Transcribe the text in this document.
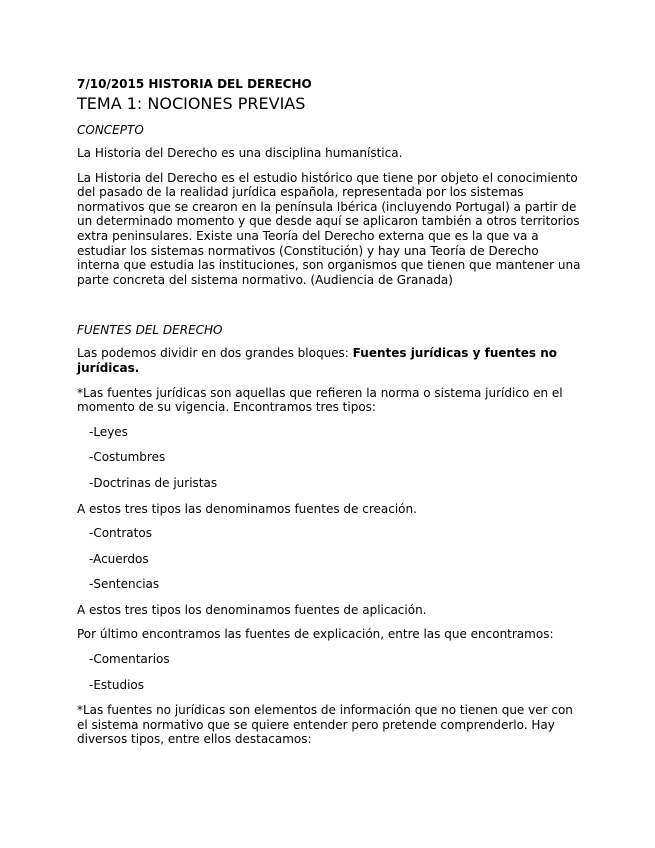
7/10/2015 HISTORIA DEL DERECHO
TEMA 1: NOCIONES PREVIAS
CONCEPTO

La Historia del Derecho es una disciplina humanística.

La Historia del Derecho es el estudio histórico que tiene por objeto el conocimiento del pasado de la realidad jurídica española, representada por los sistemas normativos que se crearon en la península Ibérica (incluyendo Portugal) a partir de un determinado momento y que desde aquí se aplicaron también a otros territorios extra peninsulares. Existe una Teoría del Derecho externa que es la que va a estudiar los sistemas normativos (Constitución) y hay una Teoría de Derecho interna que estudia las instituciones, son organismos que tienen que mantener una parte concreta del sistema normativo. (Audiencia de Granada)

FUENTES DEL DERECHO

Las podemos dividir en dos grandes bloques: Fuentes jurídicas y fuentes no jurídicas.

*Las fuentes jurídicas son aquellas que refieren la norma o sistema jurídico en el momento de su vigencia. Encontramos tres tipos:

-Leyes

-Costumbres

-Doctrinas de juristas

A estos tres tipos las denominamos fuentes de creación.

-Contratos

-Acuerdos

-Sentencias

A estos tres tipos los denominamos fuentes de aplicación.

Por último encontramos las fuentes de explicación, entre las que encontramos:

-Comentarios

-Estudios

*Las fuentes no jurídicas son elementos de información que no tienen que ver con el sistema normativo que se quiere entender pero pretende comprenderlo. Hay diversos tipos, entre ellos destacamos:
